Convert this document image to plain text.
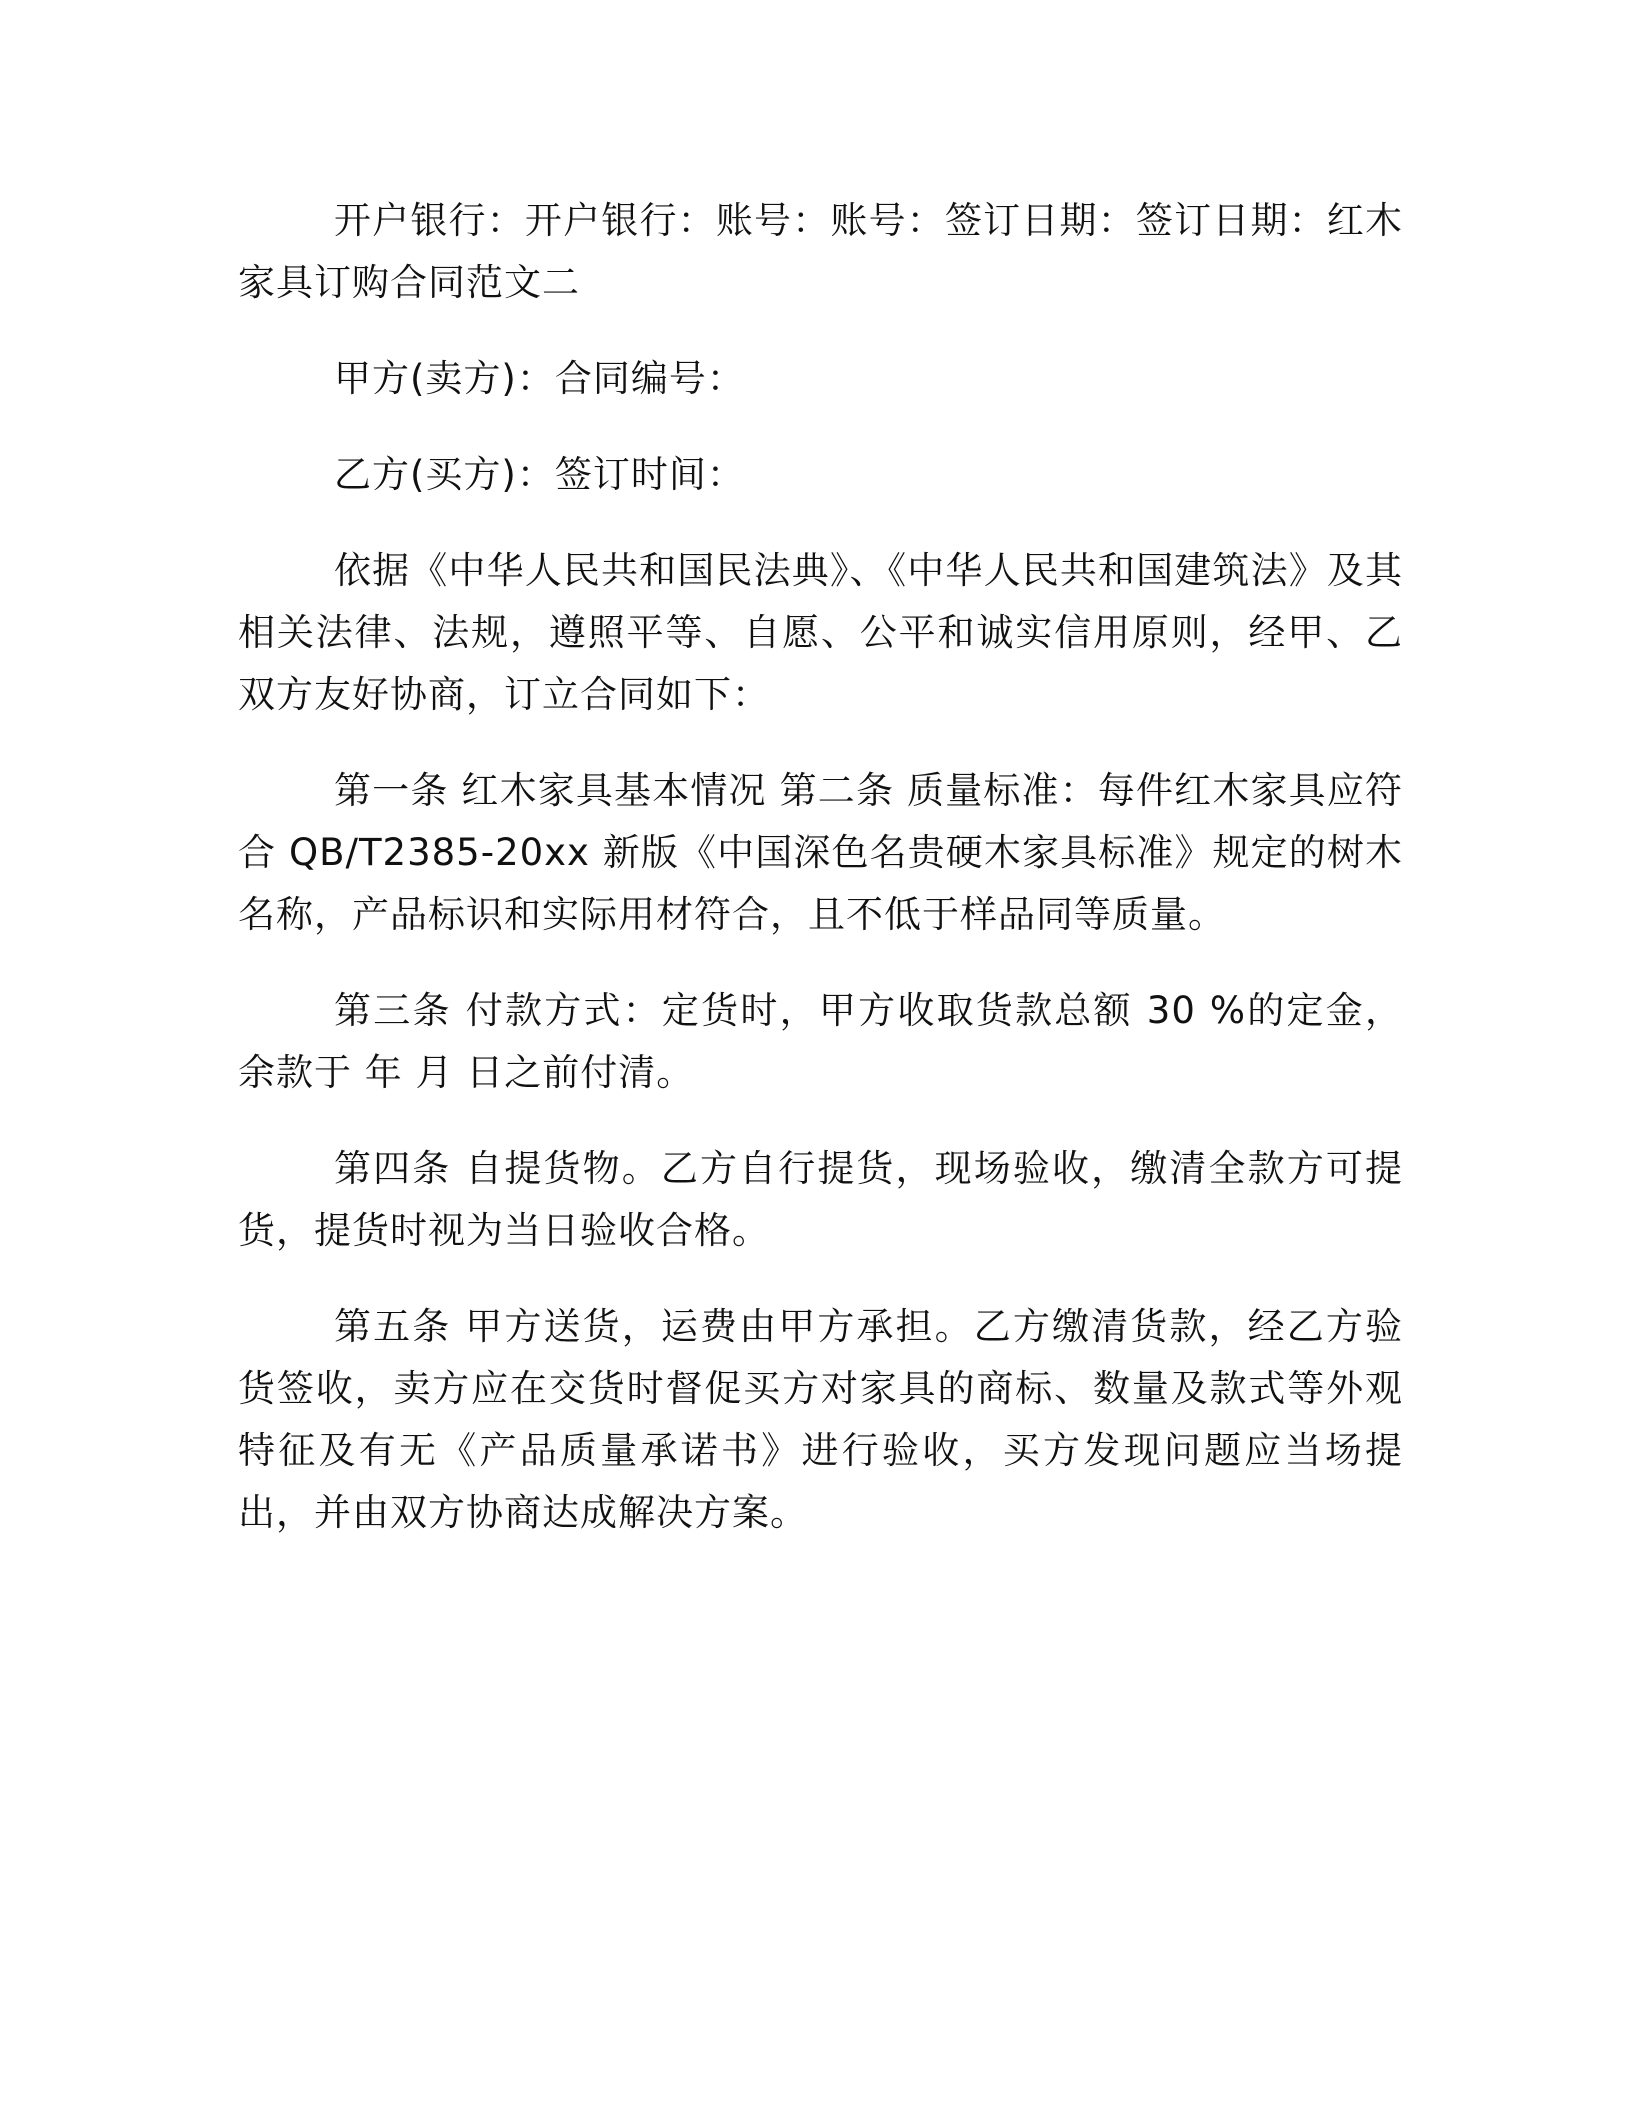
开户银行：开户银行：账号：账号：签订日期：签订日期：红木家具订购合同范文二

甲方(卖方)：合同编号：

乙方(买方)：签订时间：

依据《中华人民共和国民法典》、《中华人民共和国建筑法》及其相关法律、法规，遵照平等、自愿、公平和诚实信用原则，经甲、乙双方友好协商，订立合同如下：

第一条 红木家具基本情况 第二条 质量标准：每件红木家具应符合 QB/T2385-20xx 新版《中国深色名贵硬木家具标准》规定的树木名称，产品标识和实际用材符合，且不低于样品同等质量。

第三条 付款方式：定货时，甲方收取货款总额 30 %的定金，余款于 年 月 日之前付清。

第四条 自提货物。乙方自行提货，现场验收，缴清全款方可提货，提货时视为当日验收合格。

第五条 甲方送货，运费由甲方承担。乙方缴清货款，经乙方验货签收，卖方应在交货时督促买方对家具的商标、数量及款式等外观特征及有无《产品质量承诺书》进行验收，买方发现问题应当场提出，并由双方协商达成解决方案。
